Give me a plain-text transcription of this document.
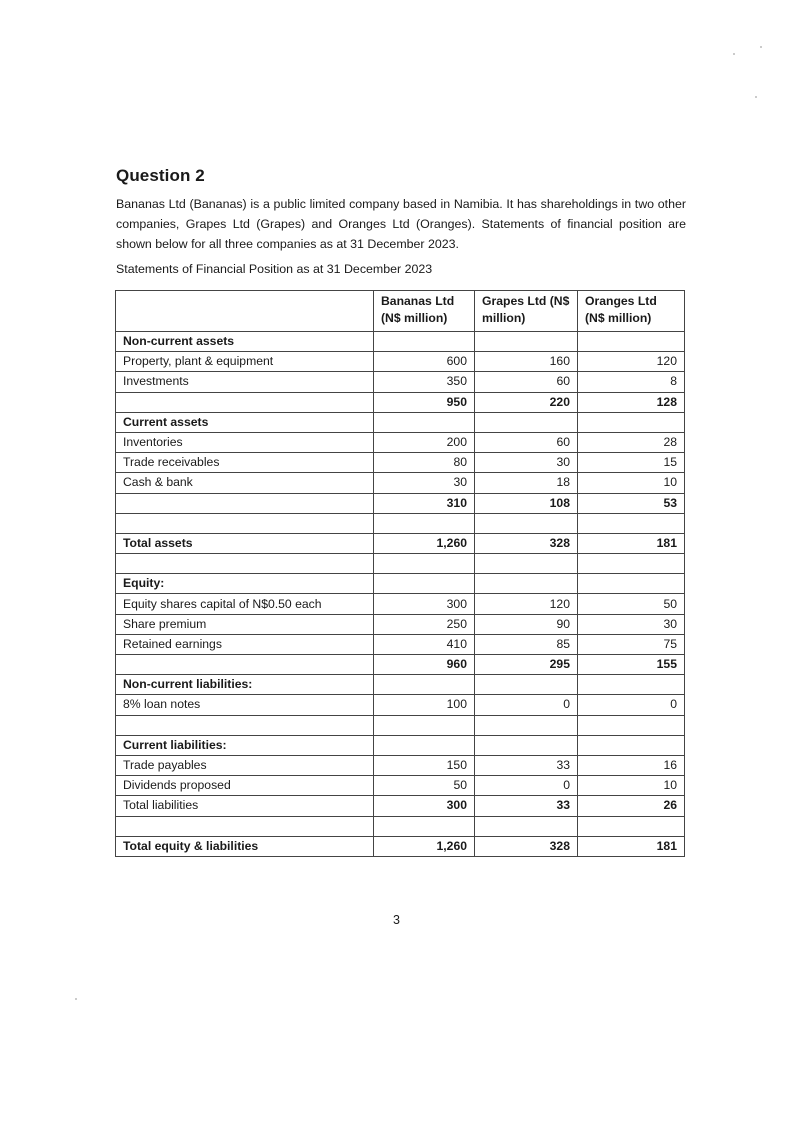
Question 2
Bananas Ltd (Bananas) is a public limited company based in Namibia. It has shareholdings in two other companies, Grapes Ltd (Grapes) and Oranges Ltd (Oranges). Statements of financial position are shown below for all three companies as at 31 December 2023.
Statements of Financial Position as at 31 December 2023
	Bananas Ltd (N$ million)	Grapes Ltd (N$ million)	Oranges Ltd (N$ million)
Non-current assets			
Property, plant & equipment	600	160	120
Investments	350	60	8
	950	220	128
Current assets			
Inventories	200	60	28
Trade receivables	80	30	15
Cash & bank	30	18	10
	310	108	53

Total assets	1,260	328	181

Equity:			
Equity shares capital of N$0.50 each	300	120	50
Share premium	250	90	30
Retained earnings	410	85	75
	960	295	155
Non-current liabilities:			
8% loan notes	100	0	0

Current liabilities:			
Trade payables	150	33	16
Dividends proposed	50	0	10
Total liabilities	300	33	26

Total equity & liabilities	1,260	328	181
3
